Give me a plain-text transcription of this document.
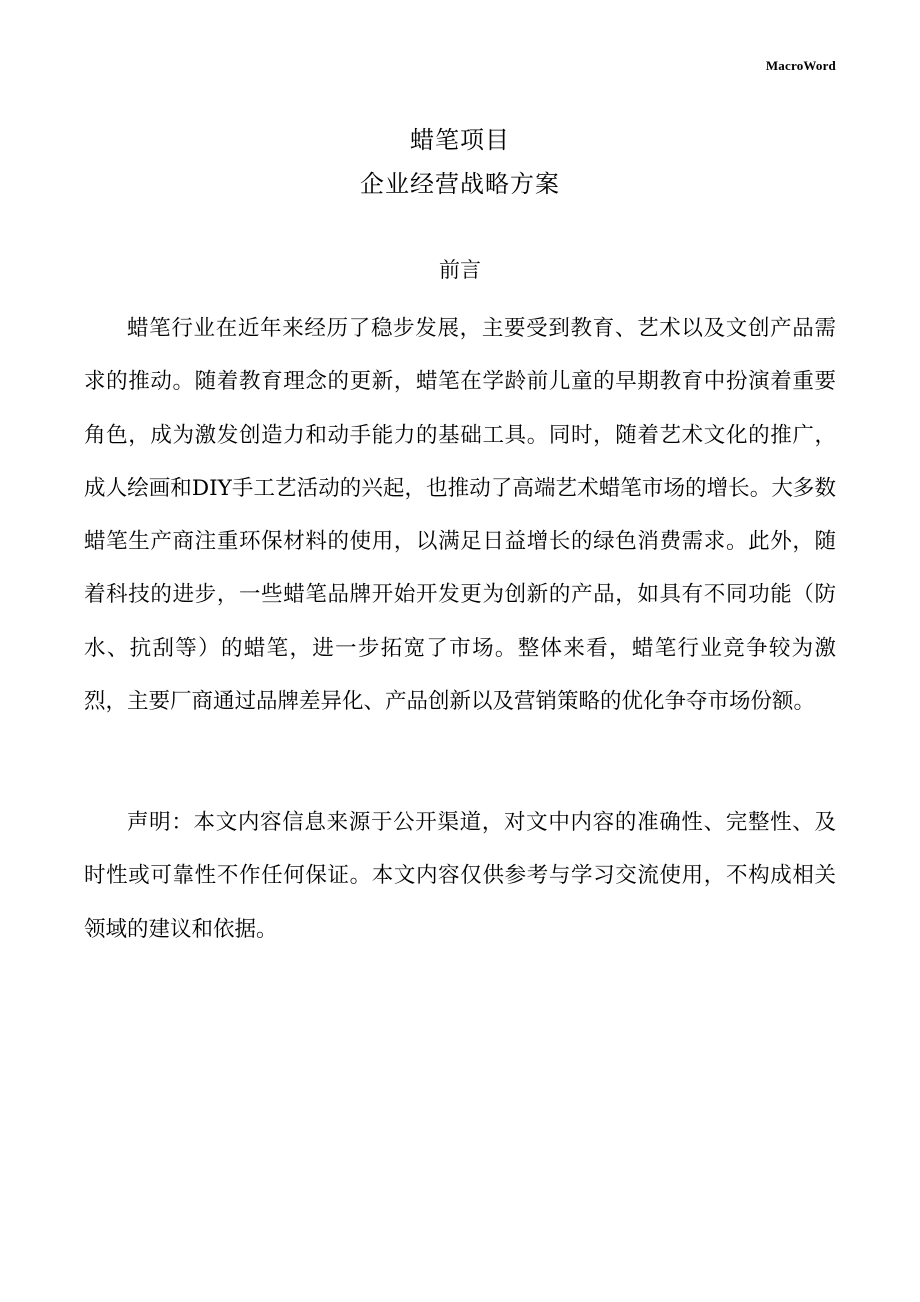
MacroWord
蜡笔项目
企业经营战略方案
前言

蜡笔行业在近年来经历了稳步发展，主要受到教育、艺术以及文创产品需求的推动。随着教育理念的更新，蜡笔在学龄前儿童的早期教育中扮演着重要角色，成为激发创造力和动手能力的基础工具。同时，随着艺术文化的推广，成人绘画和DIY手工艺活动的兴起，也推动了高端艺术蜡笔市场的增长。大多数蜡笔生产商注重环保材料的使用，以满足日益增长的绿色消费需求。此外，随着科技的进步，一些蜡笔品牌开始开发更为创新的产品，如具有不同功能（防水、抗刮等）的蜡笔，进一步拓宽了市场。整体来看，蜡笔行业竞争较为激烈，主要厂商通过品牌差异化、产品创新以及营销策略的优化争夺市场份额。

声明：本文内容信息来源于公开渠道，对文中内容的准确性、完整性、及时性或可靠性不作任何保证。本文内容仅供参考与学习交流使用，不构成相关领域的建议和依据。
